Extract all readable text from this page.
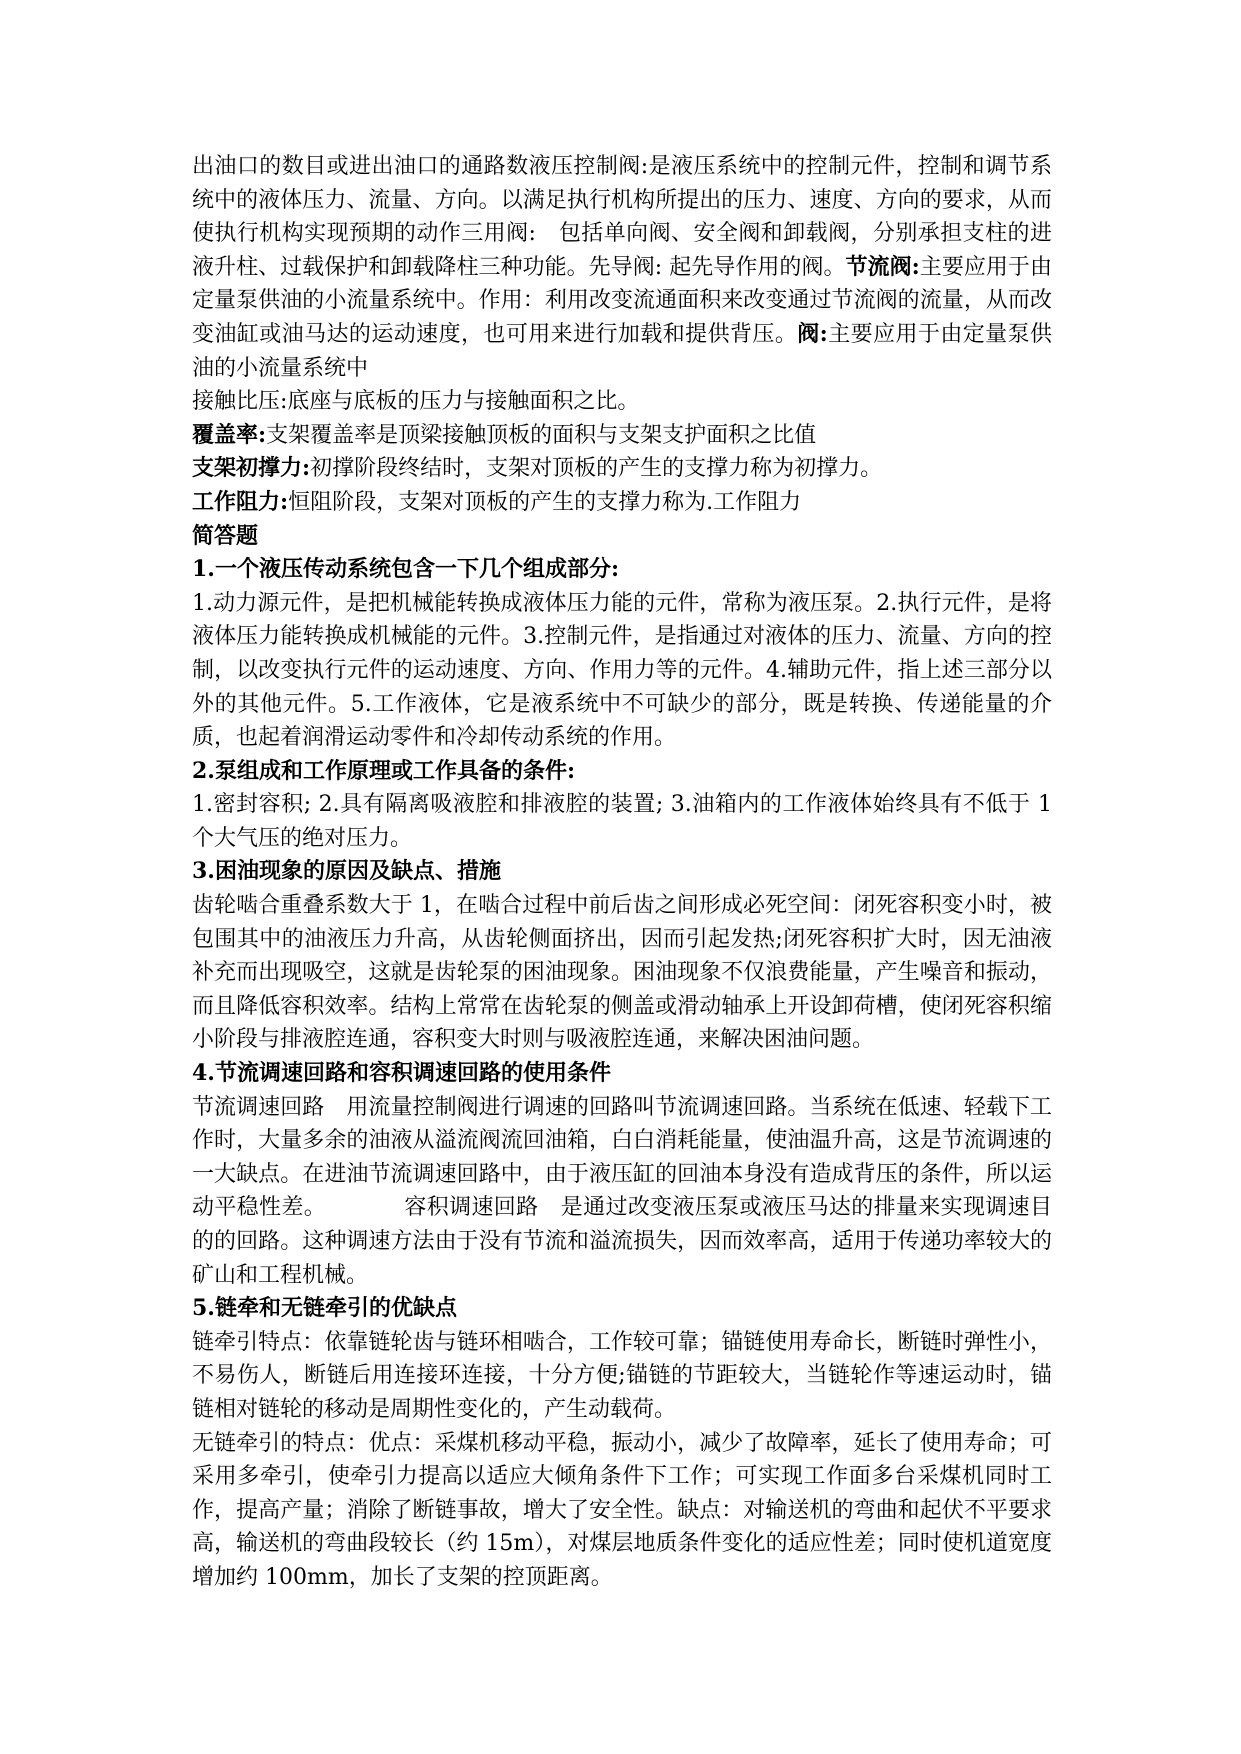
出油口的数目或进出油口的通路数液压控制阀:是液压系统中的控制元件，控制和调节系统中的液体压力、流量、方向。以满足执行机构所提出的压力、速度、方向的要求，从而使执行机构实现预期的动作三用阀:　包括单向阀、安全阀和卸载阀，分别承担支柱的进液升柱、过载保护和卸载降柱三种功能。先导阀: 起先导作用的阀。节流阀:主要应用于由定量泵供油的小流量系统中。作用：利用改变流通面积来改变通过节流阀的流量，从而改变油缸或油马达的运动速度，也可用来进行加载和提供背压。阀:主要应用于由定量泵供油的小流量系统中

接触比压:底座与底板的压力与接触面积之比。

覆盖率:支架覆盖率是顶梁接触顶板的面积与支架支护面积之比值

支架初撑力:初撑阶段终结时，支架对顶板的产生的支撑力称为初撑力。

工作阻力:恒阻阶段，支架对顶板的产生的支撑力称为.工作阻力

简答题

1.一个液压传动系统包含一下几个组成部分:

1.动力源元件，是把机械能转换成液体压力能的元件，常称为液压泵。2.执行元件，是将液体压力能转换成机械能的元件。3.控制元件，是指通过对液体的压力、流量、方向的控制，以改变执行元件的运动速度、方向、作用力等的元件。4.辅助元件，指上述三部分以外的其他元件。5.工作液体，它是液系统中不可缺少的部分，既是转换、传递能量的介质，也起着润滑运动零件和冷却传动系统的作用。

2.泵组成和工作原理或工作具备的条件:

1.密封容积; 2.具有隔离吸液腔和排液腔的装置; 3.油箱内的工作液体始终具有不低于 1 个大气压的绝对压力。

3.困油现象的原因及缺点、措施

齿轮啮合重叠系数大于 1，在啮合过程中前后齿之间形成必死空间：闭死容积变小时，被包围其中的油液压力升高，从齿轮侧面挤出，因而引起发热;闭死容积扩大时，因无油液补充而出现吸空，这就是齿轮泵的困油现象。困油现象不仅浪费能量，产生噪音和振动，而且降低容积效率。结构上常常在齿轮泵的侧盖或滑动轴承上开设卸荷槽，使闭死容积缩小阶段与排液腔连通，容积变大时则与吸液腔连通，来解决困油问题。

4.节流调速回路和容积调速回路的使用条件

节流调速回路　用流量控制阀进行调速的回路叫节流调速回路。当系统在低速、轻载下工作时，大量多余的油液从溢流阀流回油箱，白白消耗能量，使油温升高，这是节流调速的一大缺点。在进油节流调速回路中，由于液压缸的回油本身没有造成背压的条件，所以运动平稳性差。　　　　容积调速回路　是通过改变液压泵或液压马达的排量来实现调速目的的回路。这种调速方法由于没有节流和溢流损失，因而效率高，适用于传递功率较大的矿山和工程机械。

5.链牵和无链牵引的优缺点

链牵引特点：依靠链轮齿与链环相啮合，工作较可靠；锚链使用寿命长，断链时弹性小，不易伤人，断链后用连接环连接，十分方便;锚链的节距较大，当链轮作等速运动时，锚链相对链轮的移动是周期性变化的，产生动载荷。

无链牵引的特点：优点：采煤机移动平稳，振动小，减少了故障率，延长了使用寿命；可采用多牵引，使牵引力提高以适应大倾角条件下工作；可实现工作面多台采煤机同时工作，提高产量；消除了断链事故，增大了安全性。缺点：对输送机的弯曲和起伏不平要求高，输送机的弯曲段较长（约 15m），对煤层地质条件变化的适应性差；同时使机道宽度增加约 100mm，加长了支架的控顶距离。
